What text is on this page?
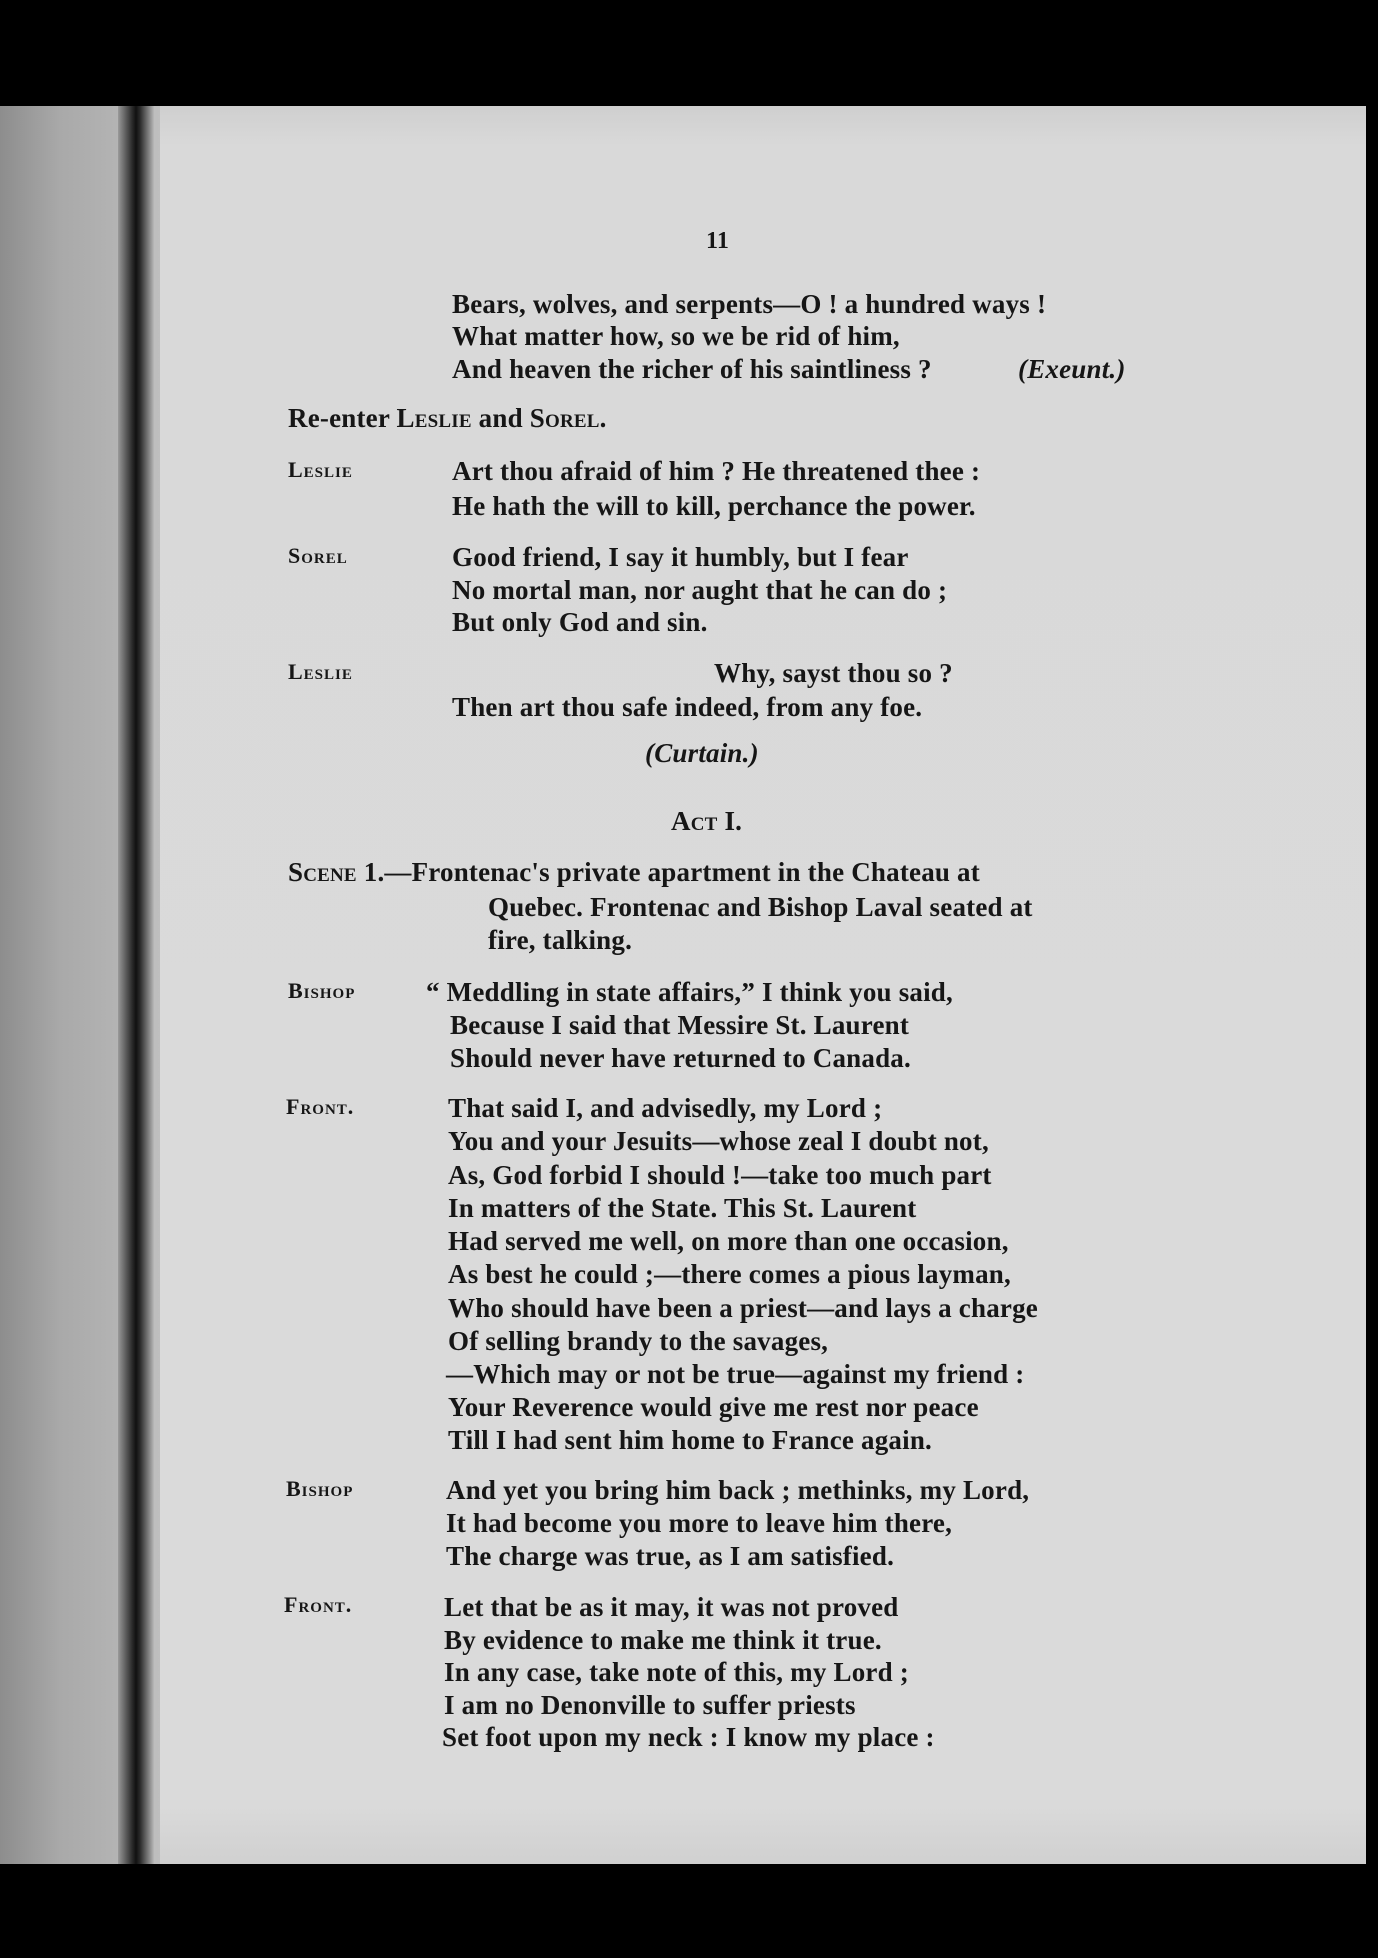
11
Bears, wolves, and serpents—O ! a hundred ways !
What matter how, so we be rid of him,
And heaven the richer of his saintliness ?	(Exeunt.)
Re-enter Leslie and Sorel.
Leslie	Art thou afraid of him ? He threatened thee :
He hath the will to kill, perchance the power.
Sorel	Good friend, I say it humbly, but I fear
No mortal man, nor aught that he can do ;
But only God and sin.
Leslie	Why, sayst thou so ?
Then art thou safe indeed, from any foe.
(Curtain.)
Act I.
Scene 1.—Frontenac's private apartment in the Chateau at
Quebec. Frontenac and Bishop Laval seated at
fire, talking.
Bishop	“ Meddling in state affairs,” I think you said,
Because I said that Messire St. Laurent
Should never have returned to Canada.
Front.	That said I, and advisedly, my Lord ;
You and your Jesuits—whose zeal I doubt not,
As, God forbid I should !—take too much part
In matters of the State. This St. Laurent
Had served me well, on more than one occasion,
As best he could ;—there comes a pious layman,
Who should have been a priest—and lays a charge
Of selling brandy to the savages,
—Which may or not be true—against my friend :
Your Reverence would give me rest nor peace
Till I had sent him home to France again.
Bishop	And yet you bring him back ; methinks, my Lord,
It had become you more to leave him there,
The charge was true, as I am satisfied.
Front.	Let that be as it may, it was not proved
By evidence to make me think it true.
In any case, take note of this, my Lord ;
I am no Denonville to suffer priests
Set foot upon my neck : I know my place :
